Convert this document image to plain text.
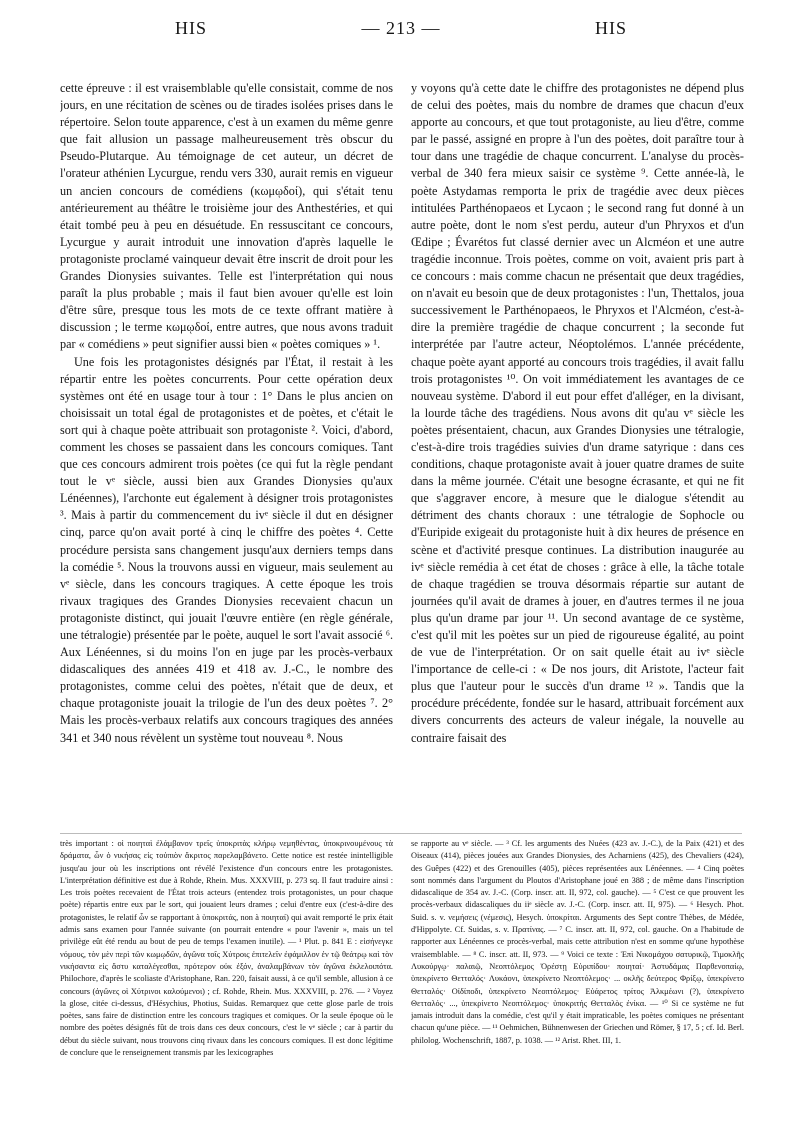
HIS	— 213 —	HIS

cette épreuve : il est vraisemblable qu'elle consistait, comme de nos jours, en une récitation de scènes ou de tirades isolées prises dans le répertoire. Selon toute apparence, c'est à un examen du même genre que fait allusion un passage malheureusement très obscur du Pseudo-Plutarque. Au témoignage de cet auteur, un décret de l'orateur athénien Lycurgue, rendu vers 330, aurait remis en vigueur un ancien concours de comédiens (κωμῳδοί), qui s'était tenu antérieurement au théâtre le troisième jour des Anthestéries, et qui était tombé peu à peu en désuétude. En ressuscitant ce concours, Lycurgue y aurait introduit une innovation d'après laquelle le protagoniste proclamé vainqueur devait être inscrit de droit pour les Grandes Dionysies suivantes. Telle est l'interprétation qui nous paraît la plus probable ; mais il faut bien avouer qu'elle est loin d'être sûre, presque tous les mots de ce texte offrant matière à discussion ; le terme κωμῳδοί, entre autres, que nous avons traduit par « comédiens » peut signifier aussi bien « poètes comiques » ¹.

Une fois les protagonistes désignés par l'État, il restait à les répartir entre les poètes concurrents. Pour cette opération deux systèmes ont été en usage tour à tour : 1° Dans le plus ancien on choisissait un total égal de protagonistes et de poètes, et c'était le sort qui à chaque poète attribuait son protagoniste ². Voici, d'abord, comment les choses se passaient dans les concours comiques. Tant que ces concours admirent trois poètes (ce qui fut la règle pendant tout le vᵉ siècle, aussi bien aux Grandes Dionysies qu'aux Lénéennes), l'archonte eut également à désigner trois protagonistes ³. Mais à partir du commencement du ivᵉ siècle il dut en désigner cinq, parce qu'on avait porté à cinq le chiffre des poètes ⁴. Cette procédure persista sans changement jusqu'aux derniers temps dans la comédie ⁵. Nous la trouvons aussi en vigueur, mais seulement au vᵉ siècle, dans les concours tragiques. A cette époque les trois rivaux tragiques des Grandes Dionysies recevaient chacun un protagoniste distinct, qui jouait l'œuvre entière (en règle générale, une tétralogie) présentée par le poète, auquel le sort l'avait associé ⁶. Aux Lénéennes, si du moins l'on en juge par les procès-verbaux didascaliques des années 419 et 418 av. J.-C., le nombre des protagonistes, comme celui des poètes, n'était que de deux, et chaque protagoniste jouait la trilogie de l'un des deux poètes ⁷. 2° Mais les procès-verbaux relatifs aux concours tragiques des années 341 et 340 nous révèlent un système tout nouveau ⁸. Nous

y voyons qu'à cette date le chiffre des protagonistes ne dépend plus de celui des poètes, mais du nombre de drames que chacun d'eux apporte au concours, et que tout protagoniste, au lieu d'être, comme par le passé, assigné en propre à l'un des poètes, doit paraître tour à tour dans une tragédie de chaque concurrent. L'analyse du procès-verbal de 340 fera mieux saisir ce système ⁹. Cette année-là, le poète Astydamas remporta le prix de tragédie avec deux pièces intitulées Parthénopaeos et Lycaon ; le second rang fut donné à un autre poète, dont le nom s'est perdu, auteur d'un Phryxos et d'un Œdipe ; Évarétos fut classé dernier avec un Alcméon et une autre tragédie inconnue. Trois poètes, comme on voit, avaient pris part à ce concours : mais comme chacun ne présentait que deux tragédies, on n'avait eu besoin que de deux protagonistes : l'un, Thettalos, joua successivement le Parthénopaeos, le Phryxos et l'Alcméon, c'est-à-dire la première tragédie de chaque concurrent ; la seconde fut interprétée par l'autre acteur, Néoptolémos. L'année précédente, chaque poète ayant apporté au concours trois tragédies, il avait fallu trois protagonistes ¹⁰. On voit immédiatement les avantages de ce nouveau système. D'abord il eut pour effet d'alléger, en la divisant, la lourde tâche des tragédiens. Nous avons dit qu'au vᵉ siècle les poètes présentaient, chacun, aux Grandes Dionysies une tétralogie, c'est-à-dire trois tragédies suivies d'un drame satyrique : dans ces conditions, chaque protagoniste avait à jouer quatre drames de suite dans la même journée. C'était une besogne écrasante, et qui ne fit que s'aggraver encore, à mesure que le dialogue s'étendit au détriment des chants choraux : une tétralogie de Sophocle ou d'Euripide exigeait du protagoniste huit à dix heures de présence en scène et d'activité presque continues. La distribution inaugurée au ivᵉ siècle remédia à cet état de choses : grâce à elle, la tâche totale de chaque tragédien se trouva désormais répartie sur autant de journées qu'il avait de drames à jouer, en d'autres termes il ne joua plus qu'un drame par jour ¹¹. Un second avantage de ce système, c'est qu'il mit les poètes sur un pied de rigoureuse égalité, au point de vue de l'interprétation. Or on sait quelle était au ivᵉ siècle l'importance de celle-ci : « De nos jours, dit Aristote, l'acteur fait plus que l'auteur pour le succès d'un drame ¹² ». Tandis que la procédure précédente, fondée sur le hasard, attribuait forcément aux divers concurrents des acteurs de valeur inégale, la nouvelle au contraire faisait des

très important : οἱ ποιηταὶ ἐλάμβανον τρεῖς ὑποκριτὰς κλήρῳ νεμηθέντας, ὑποκρινουμένους τὰ δράματα, ὧν ὁ νικήσας εἰς τοὐπιὸν ἄκριτος παρελαμβάνετο. Cette notice est restée inintelligible jusqu'au jour où les inscriptions ont révélé l'existence d'un concours entre les protagonistes. L'interprétation définitive est due à Rohde, Rhein. Mus. XXXVIII, p. 273 sq. Il faut traduire ainsi : Les trois poètes recevaient de l'État trois acteurs (entendez trois protagonistes, un pour chaque poète) répartis entre eux par le sort, qui jouaient leurs drames ; celui d'entre eux (c'est-à-dire des protagonistes, le relatif ὧν se rapportant à ὑποκριτάς, non à ποιηταί) qui avait remporté le prix était admis sans examen pour l'année suivante (on pourrait entendre « pour l'avenir », mais un tel privilège eût été rendu au bout de peu de temps l'examen inutile). — ¹ Plut. p. 841 E : εἰσήνεγκε νόμους, τὸν μὲν περὶ τῶν κωμῳδῶν, ἀγῶνα τοῖς Χύτροις ἐπιτελεῖν ἐφάμιλλον ἐν τῷ θεάτρῳ καὶ τὸν νικήσαντα εἰς ἄστυ καταλέγεσθαι, πρότερον οὐκ ἐξόν, ἀναλαμβάνων τὸν ἀγῶνα ἐκλελοιπότα. Philochore, d'après le scoliaste d'Aristophane, Ran. 220, faisait aussi, à ce qu'il semble, allusion à ce concours (ἀγῶνες οἱ Χύτρινοι καλούμενοι) ; cf. Rohde, Rhein. Mus. XXXVIII, p. 276. — ² Voyez la glose, citée ci-dessus, d'Hésychius, Photius, Suidas. Remarquez que cette glose parle de trois poètes, sans faire de distinction entre les concours tragiques et comiques. Or la seule époque où le nombre des poètes désignés fût de trois dans ces deux concours, c'est le vᵉ siècle ; car à partir du début du siècle suivant, nous trouvons cinq rivaux dans les concours comiques. Il est donc légitime de conclure que le renseignement transmis par les lexicographes

se rapporte au vᵉ siècle. — ³ Cf. les arguments des Nuées (423 av. J.-C.), de la Paix (421) et des Oiseaux (414), pièces jouées aux Grandes Dionysies, des Acharniens (425), des Chevaliers (424), des Guêpes (422) et des Grenouilles (405), pièces représentées aux Lénéennes. — ⁴ Cinq poètes sont nommés dans l'argument du Ploutos d'Aristophane joué en 388 ; de même dans l'inscription didascalique de 354 av. J.-C. (Corp. inscr. att. II, 972, col. gauche). — ⁵ C'est ce que prouvent les procès-verbaux didascaliques du iiᵉ siècle av. J.-C. (Corp. inscr. att. II, 975). — ⁶ Hesych. Phot. Suid. s. v. νεμήσεις (νέμεσις), Hesych. ὑποκρίται. Arguments des Sept contre Thèbes, de Médée, d'Hippolyte. Cf. Suidas, s. v. Πρατίνας. — ⁷ C. inscr. att. II, 972, col. gauche. On a l'habitude de rapporter aux Lénéennes ce procès-verbal, mais cette attribution n'est en somme qu'une hypothèse vraisemblable. — ⁸ C. inscr. att. II, 973. — ⁹ Voici ce texte : Ἐπὶ Νικομάχου σατυρικῷ, Τιμοκλῆς Λυκούργῳ· παλαιῷ, Νεοπτόλεμος Ὀρέστῃ Εὐριπίδου· ποιηταί· Ἀστυδάμας Παρθενοπαίῳ, ὑπεκρίνετο Θετταλός· Λυκάονι, ὑπεκρίνετο Νεοπτόλεμος· ... οκλῆς δεύτερος Φρίξῳ, ὑπεκρίνετο Θετταλός· Οἰδίποδι, ὑπεκρίνετο Νεοπτόλεμος· Εὐάρετος τρίτος Ἀλκμέωνι (?), ὑπεκρίνετο Θετταλός· ..., ὑπεκρίνετο Νεοπτόλεμος· ὑποκριτής Θετταλὸς ἐνίκα. — ¹⁰ Si ce système ne fut jamais introduit dans la comédie, c'est qu'il y était impraticable, les poètes comiques ne présentant chacun qu'une pièce. — ¹¹ Oehmichen, Bühnenwesen der Griechen und Römer, § 17, 5 ; cf. Id. Berl. philolog. Wochenschrift, 1887, p. 1038. — ¹² Arist. Rhet. III, 1.
